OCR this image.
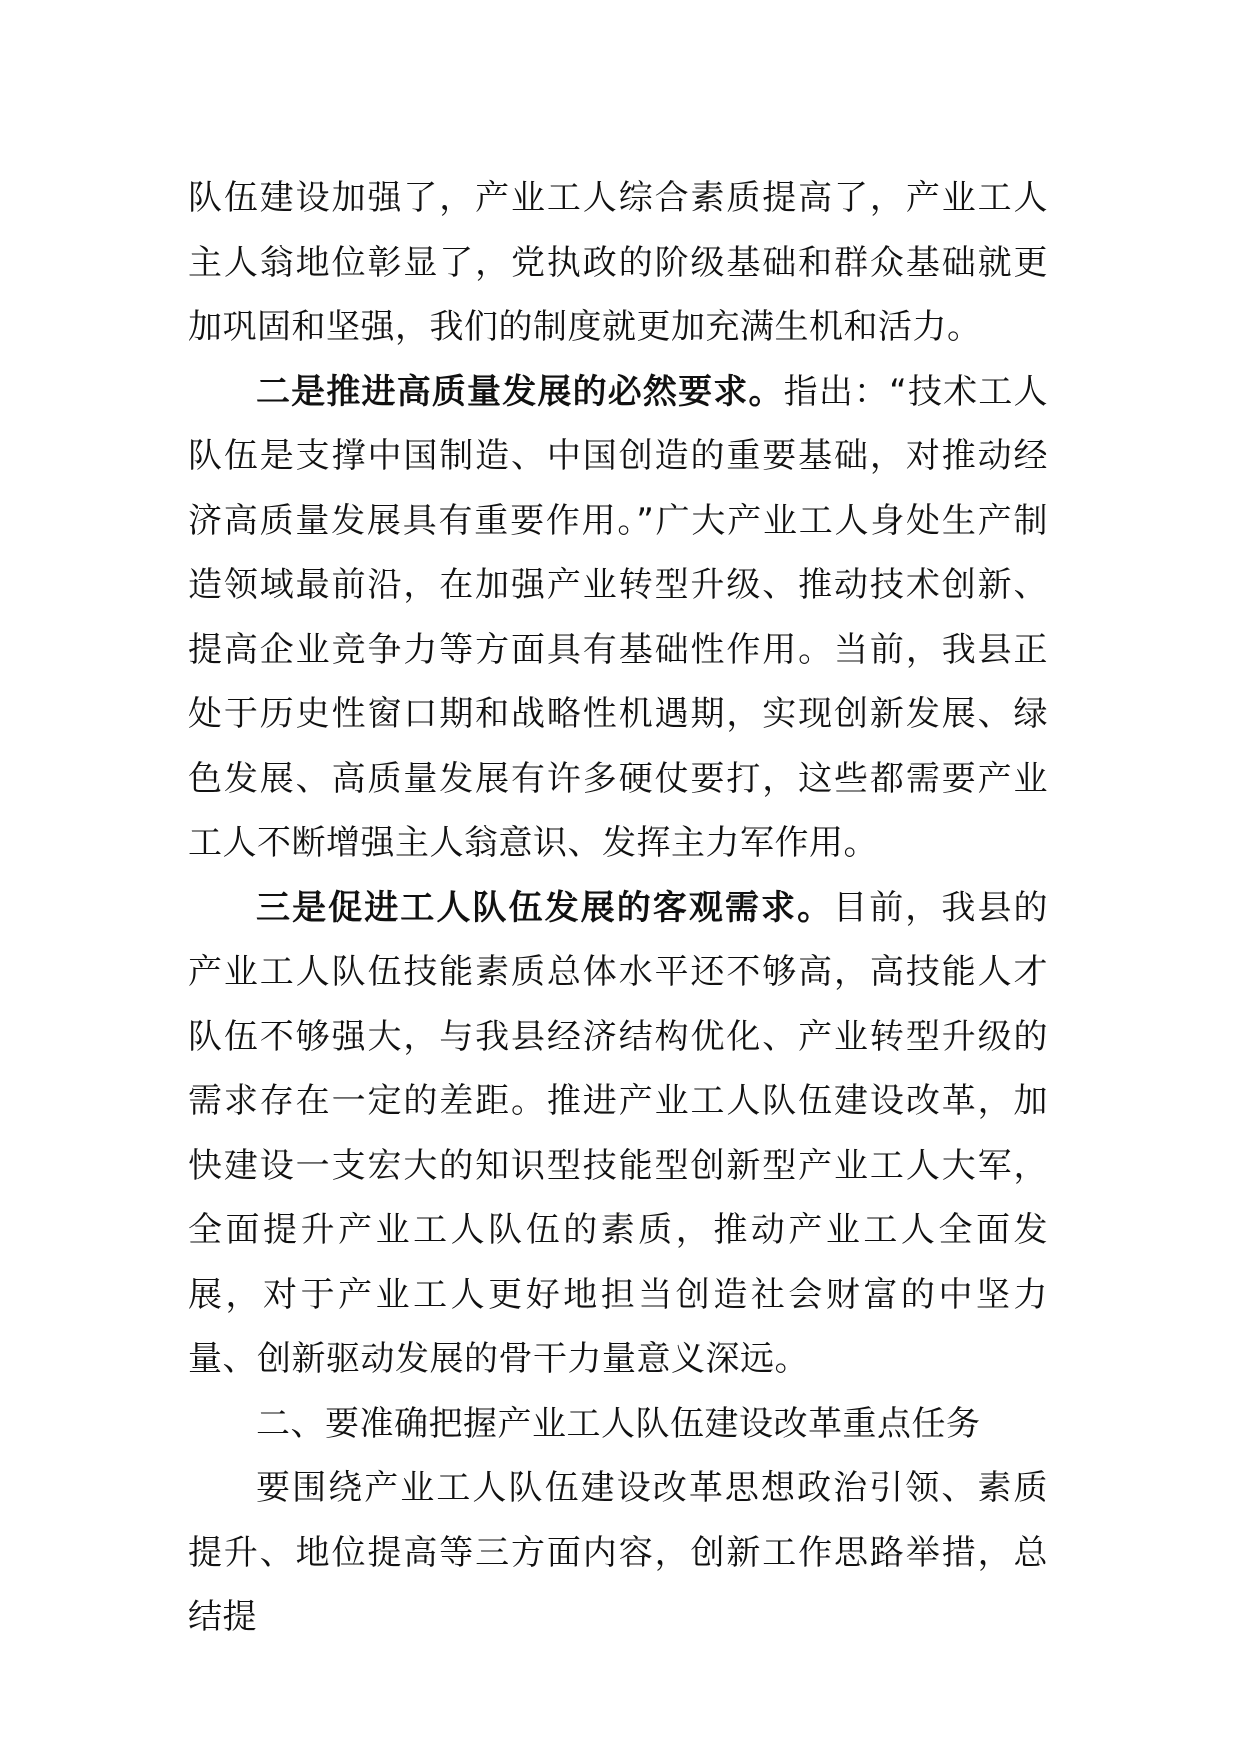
队伍建设加强了，产业工人综合素质提高了，产业工人主人翁地位彰显了，党执政的阶级基础和群众基础就更加巩固和坚强，我们的制度就更加充满生机和活力。

二是推进高质量发展的必然要求。指出：“技术工人队伍是支撑中国制造、中国创造的重要基础，对推动经济高质量发展具有重要作用。”广大产业工人身处生产制造领域最前沿，在加强产业转型升级、推动技术创新、提高企业竞争力等方面具有基础性作用。当前，我县正处于历史性窗口期和战略性机遇期，实现创新发展、绿色发展、高质量发展有许多硬仗要打，这些都需要产业工人不断增强主人翁意识、发挥主力军作用。

三是促进工人队伍发展的客观需求。目前，我县的产业工人队伍技能素质总体水平还不够高，高技能人才队伍不够强大，与我县经济结构优化、产业转型升级的需求存在一定的差距。推进产业工人队伍建设改革，加快建设一支宏大的知识型技能型创新型产业工人大军，全面提升产业工人队伍的素质，推动产业工人全面发展，对于产业工人更好地担当创造社会财富的中坚力量、创新驱动发展的骨干力量意义深远。

二、要准确把握产业工人队伍建设改革重点任务

要围绕产业工人队伍建设改革思想政治引领、素质提升、地位提高等三方面内容，创新工作思路举措，总结提
